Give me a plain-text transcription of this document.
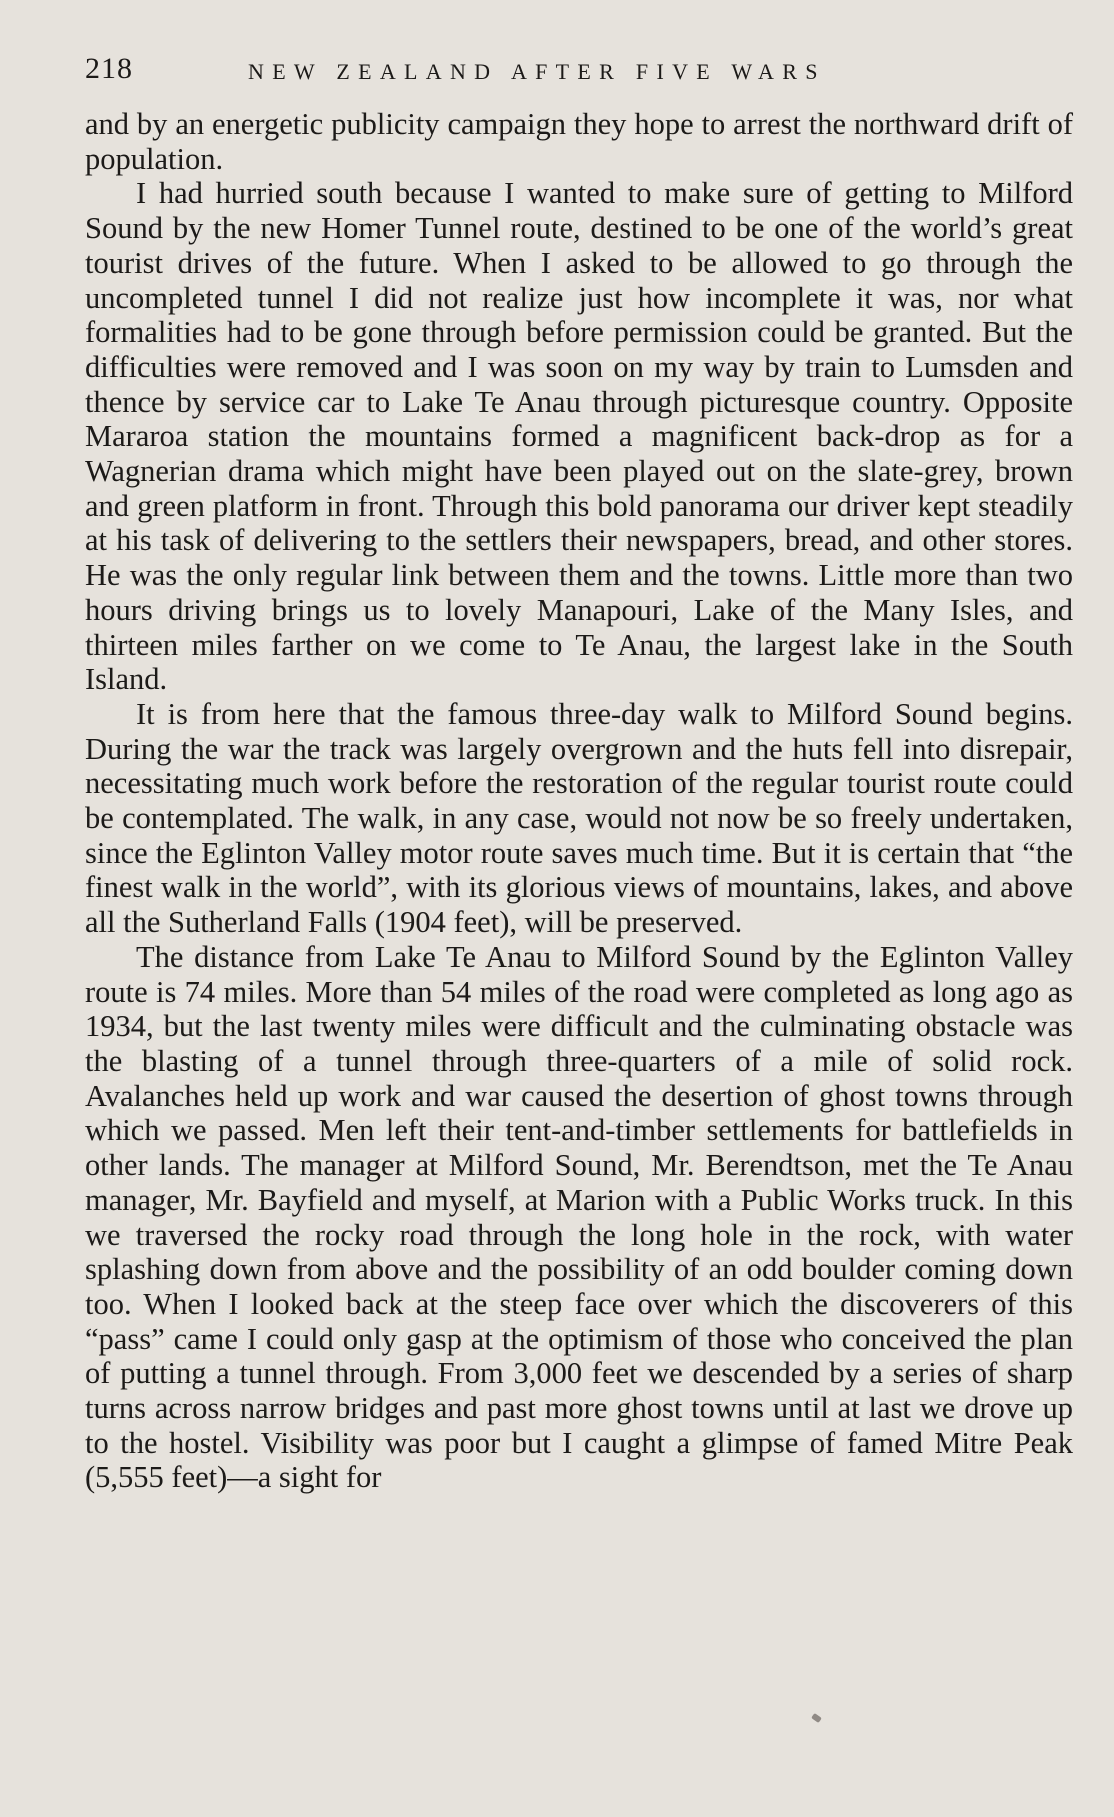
218	NEW ZEALAND AFTER FIVE WARS

and by an energetic publicity campaign they hope to arrest the northward drift of population.

I had hurried south because I wanted to make sure of getting to Milford Sound by the new Homer Tunnel route, destined to be one of the world’s great tourist drives of the future. When I asked to be allowed to go through the uncompleted tunnel I did not realize just how incomplete it was, nor what formalities had to be gone through before permission could be granted. But the difficulties were removed and I was soon on my way by train to Lumsden and thence by service car to Lake Te Anau through picturesque country. Opposite Mararoa station the mountains formed a magnificent back-drop as for a Wagnerian drama which might have been played out on the slate-grey, brown and green platform in front. Through this bold panorama our driver kept steadily at his task of delivering to the settlers their newspapers, bread, and other stores. He was the only regular link between them and the towns. Little more than two hours driving brings us to lovely Manapouri, Lake of the Many Isles, and thirteen miles farther on we come to Te Anau, the largest lake in the South Island.

It is from here that the famous three-day walk to Milford Sound begins. During the war the track was largely overgrown and the huts fell into disrepair, necessitating much work before the restoration of the regular tourist route could be contemplated. The walk, in any case, would not now be so freely undertaken, since the Eglinton Valley motor route saves much time. But it is certain that “the finest walk in the world”, with its glorious views of mountains, lakes, and above all the Sutherland Falls (1904 feet), will be preserved.

The distance from Lake Te Anau to Milford Sound by the Eglinton Valley route is 74 miles. More than 54 miles of the road were completed as long ago as 1934, but the last twenty miles were difficult and the culminating obstacle was the blasting of a tunnel through three-quarters of a mile of solid rock. Avalanches held up work and war caused the desertion of ghost towns through which we passed. Men left their tent-and-timber settlements for battlefields in other lands. The manager at Milford Sound, Mr. Berendtson, met the Te Anau manager, Mr. Bayfield and myself, at Marion with a Public Works truck. In this we traversed the rocky road through the long hole in the rock, with water splashing down from above and the possibility of an odd boulder coming down too. When I looked back at the steep face over which the discoverers of this “pass” came I could only gasp at the optimism of those who conceived the plan of putting a tunnel through. From 3,000 feet we descended by a series of sharp turns across narrow bridges and past more ghost towns until at last we drove up to the hostel. Visibility was poor but I caught a glimpse of famed Mitre Peak (5,555 feet)—a sight for
